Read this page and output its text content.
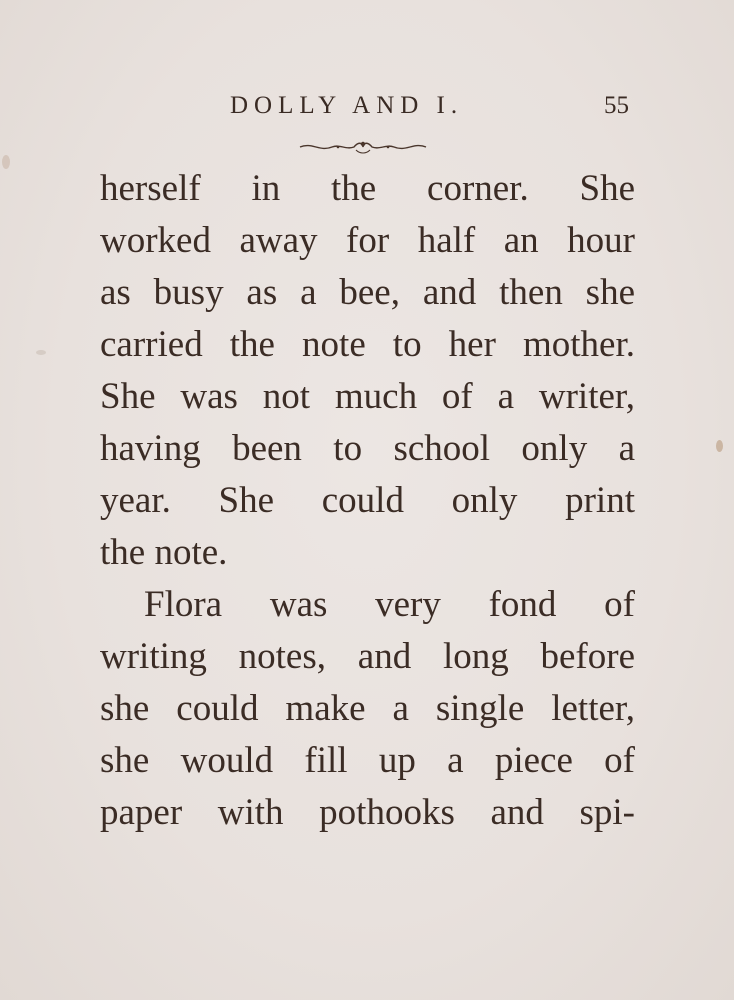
DOLLY AND I.	55
herself in the corner. She
worked away for half an hour
as busy as a bee, and then she
carried the note to her mother.
She was not much of a writer,
having been to school only a
year. She could only print
the note.
Flora was very fond of
writing notes, and long before
she could make a single letter,
she would fill up a piece of
paper with pothooks and spi-
